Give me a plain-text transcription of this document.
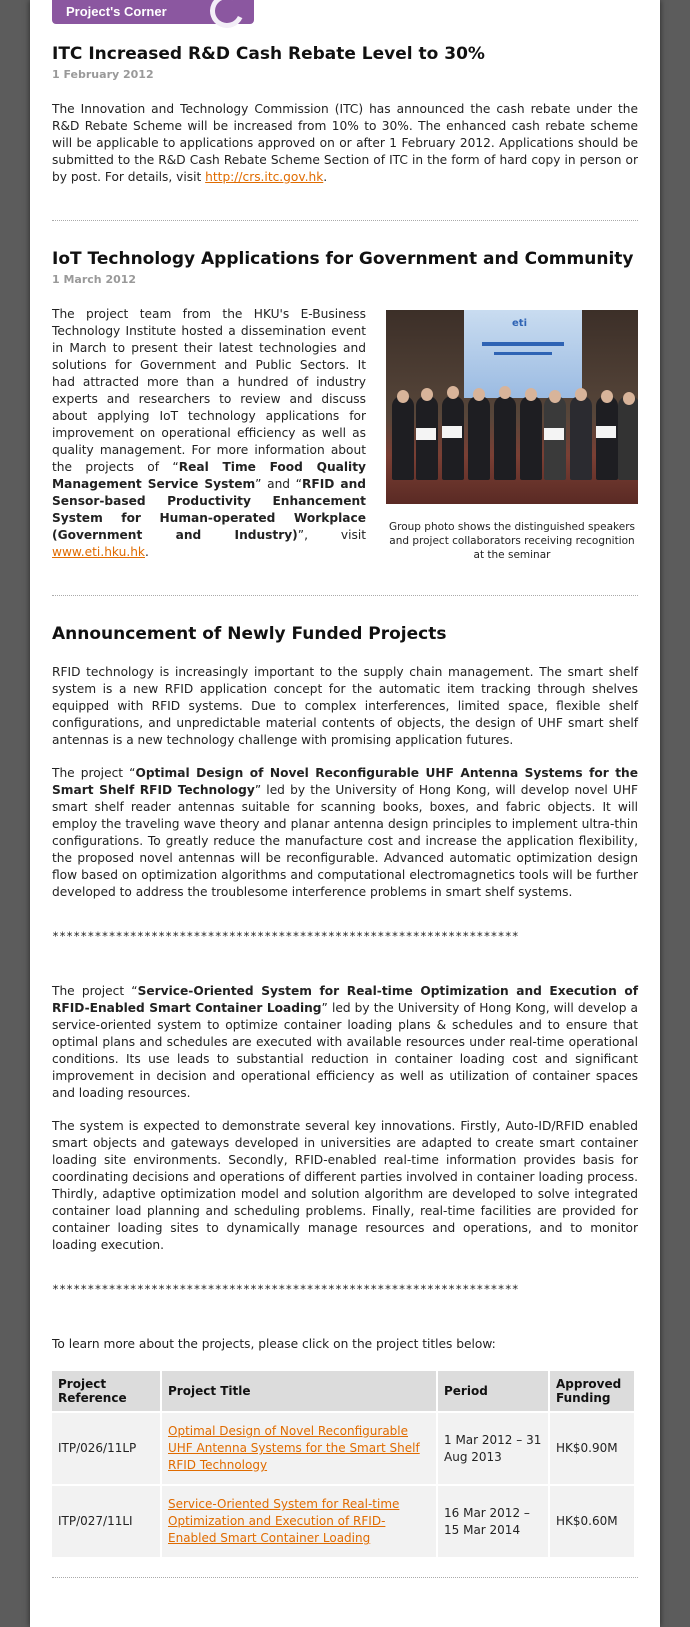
Project's Corner
ITC Increased R&D Cash Rebate Level to 30%
1 February 2012

The Innovation and Technology Commission (ITC) has announced the cash rebate under the R&D Rebate Scheme will be increased from 10% to 30%. The enhanced cash rebate scheme will be applicable to applications approved on or after 1 February 2012. Applications should be submitted to the R&D Cash Rebate Scheme Section of ITC in the form of hard copy in person or by post. For details, visit http://crs.itc.gov.hk.

IoT Technology Applications for Government and Community
1 March 2012

The project team from the HKU's E-Business Technology Institute hosted a dissemination event in March to present their latest technologies and solutions for Government and Public Sectors. It had attracted more than a hundred of industry experts and researchers to review and discuss about applying IoT technology applications for improvement on operational efficiency as well as quality management. For more information about the projects of “Real Time Food Quality Management Service System” and “RFID and Sensor-based Productivity Enhancement System for Human-operated Workplace (Government and Industry)”, visit www.eti.hku.hk.

eti
Group photo shows the distinguished speakers and project collaborators receiving recognition at the seminar
Announcement of Newly Funded Projects

RFID technology is increasingly important to the supply chain management. The smart shelf system is a new RFID application concept for the automatic item tracking through shelves equipped with RFID systems. Due to complex interferences, limited space, flexible shelf configurations, and unpredictable material contents of objects, the design of UHF smart shelf antennas is a new technology challenge with promising application futures.

The project “Optimal Design of Novel Reconfigurable UHF Antenna Systems for the Smart Shelf RFID Technology” led by the University of Hong Kong, will develop novel UHF smart shelf reader antennas suitable for scanning books, boxes, and fabric objects. It will employ the traveling wave theory and planar antenna design principles to implement ultra-thin configurations. To greatly reduce the manufacture cost and increase the application flexibility, the proposed novel antennas will be reconfigurable. Advanced automatic optimization design flow based on optimization algorithms and computational electromagnetics tools will be further developed to address the troublesome interference problems in smart shelf systems.

******************************************************************

The project “Service-Oriented System for Real-time Optimization and Execution of RFID-Enabled Smart Container Loading” led by the University of Hong Kong, will develop a service-oriented system to optimize container loading plans & schedules and to ensure that optimal plans and schedules are executed with available resources under real-time operational conditions. Its use leads to substantial reduction in container loading cost and significant improvement in decision and operational efficiency as well as utilization of container spaces and loading resources.

The system is expected to demonstrate several key innovations. Firstly, Auto-ID/RFID enabled smart objects and gateways developed in universities are adapted to create smart container loading site environments. Secondly, RFID-enabled real-time information provides basis for coordinating decisions and operations of different parties involved in container loading process. Thirdly, adaptive optimization model and solution algorithm are developed to solve integrated container load planning and scheduling problems. Finally, real-time facilities are provided for container loading sites to dynamically manage resources and operations, and to monitor loading execution.

******************************************************************

To learn more about the projects, please click on the project titles below:

Project Reference	Project Title	Period	Approved Funding
ITP/026/11LP	Optimal Design of Novel Reconfigurable UHF Antenna Systems for the Smart Shelf RFID Technology	1 Mar 2012 – 31 Aug 2013	HK$0.90M
ITP/027/11LI	Service-Oriented System for Real-time Optimization and Execution of RFID-Enabled Smart Container Loading	16 Mar 2012 – 15 Mar 2014	HK$0.60M
